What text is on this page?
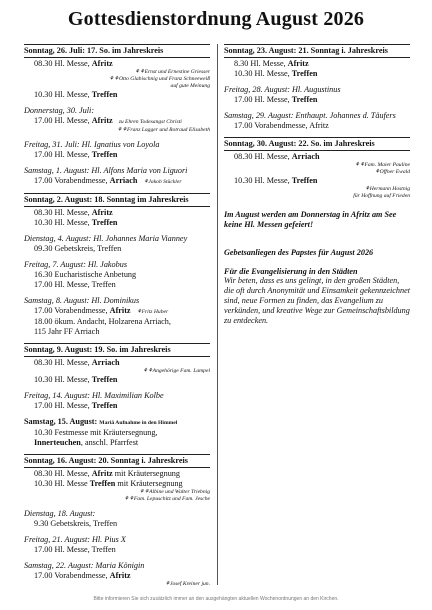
Gottesdienstordnung August 2026
Sonntag, 26. Juli: 17. So. im Jahreskreis
08.30 Hl. Messe, Afritz
⚘⚘Ernst und Ernestine Griesser
⚘⚘Otto Glabischnig und Franz Schneeweiß
auf gute Meinung
10.30 Hl. Messe, Treffen
Donnerstag, 30. Juli:
17.00 Hl. Messe, Afritz zu Ehren Todesangst Christi
⚘⚘Franz Lagger und Rotraud Elisabeth
Freitag, 31. Juli: Hl. Ignatius von Loyola
17.00 Hl. Messe, Treffen
Samstag, 1. August: Hl. Alfons Maria von Liguori
17.00 Vorabendmesse, Arriach ⚘Jakob Stückler
Sonntag, 2. August: 18. Sonntag im Jahreskreis
08.30 Hl. Messe, Afritz
10.30 Hl. Messe, Treffen
Dienstag, 4. August: Hl. Johannes Maria Vianney
09.30 Gebetskreis, Treffen
Freitag, 7. August: Hl. Jakobus
16.30 Eucharistische Anbetung
17.00 Hl. Messe, Treffen
Samstag, 8. August: Hl. Dominikus
17.00 Vorabendmesse, Afritz ⚘Fritz Huber
18.00 ökum. Andacht, Holzarena Arriach,
115 Jahr FF Arriach
Sonntag, 9. August: 19. So. im Jahreskreis
08.30 Hl. Messe, Arriach
⚘⚘Angehörige Fam. Lampel
10.30 Hl. Messe, Treffen
Freitag, 14. August: Hl. Maximilian Kolbe
17.00 Hl. Messe, Treffen
Samstag, 15. August: Mariä Aufnahme in den Himmel
10.30 Festmesse mit Kräutersegnung,
Innerteuchen, anschl. Pfarrfest
Sonntag, 16. August: 20. Sonntag i. Jahreskreis
08.30 Hl. Messe, Afritz mit Kräutersegnung
10.30 Hl. Messe Treffen mit Kräutersegnung
⚘⚘Albine und Walter Triebnig
⚘⚘Fam. Lepuschitz und Fam. Jesche
Dienstag, 18. August:
9.30 Gebetskreis, Treffen
Freitag, 21. August: Hl. Pius X
17.00 Hl. Messe, Treffen
Samstag, 22. August: Maria Königin
17.00 Vorabendmesse, Afritz
⚘Josef Kreiner jun.
Sonntag, 23. August: 21. Sonntag i. Jahreskreis
8.30 Hl. Messe, Afritz
10.30 Hl. Messe, Treffen
Freitag, 28. August: Hl. Augustinus
17.00 Hl. Messe, Treffen
Samstag, 29. August: Enthaupt. Johannes d. Täufers
17.00 Vorabendmesse, Afritz
Sonntag, 30. August: 22. So. im Jahreskreis
08.30 Hl. Messe, Arriach
⚘⚘Fam. Maier Pauline
⚘Offner Ewald
10.30 Hl. Messe, Treffen
⚘Hermann Hostnig
für Hoffnung auf Frieden
Im August werden am Donnerstag in Afritz am See keine Hl. Messen gefeiert!
Gebetsanliegen des Papstes für August 2026
Für die Evangelisierung in den Städten
Wir beten, dass es uns gelingt, in den großen Städten, die oft durch Anonymität und Einsamkeit gekennzeichnet sind, neue Formen zu finden, das Evangelium zu verkünden, und kreative Wege zur Gemeinschaftsbildung zu entdecken.
Bitte informieren Sie sich zusätzlich immer an den ausgehängten aktuellen Wochenordnungen an den Kirchen.
